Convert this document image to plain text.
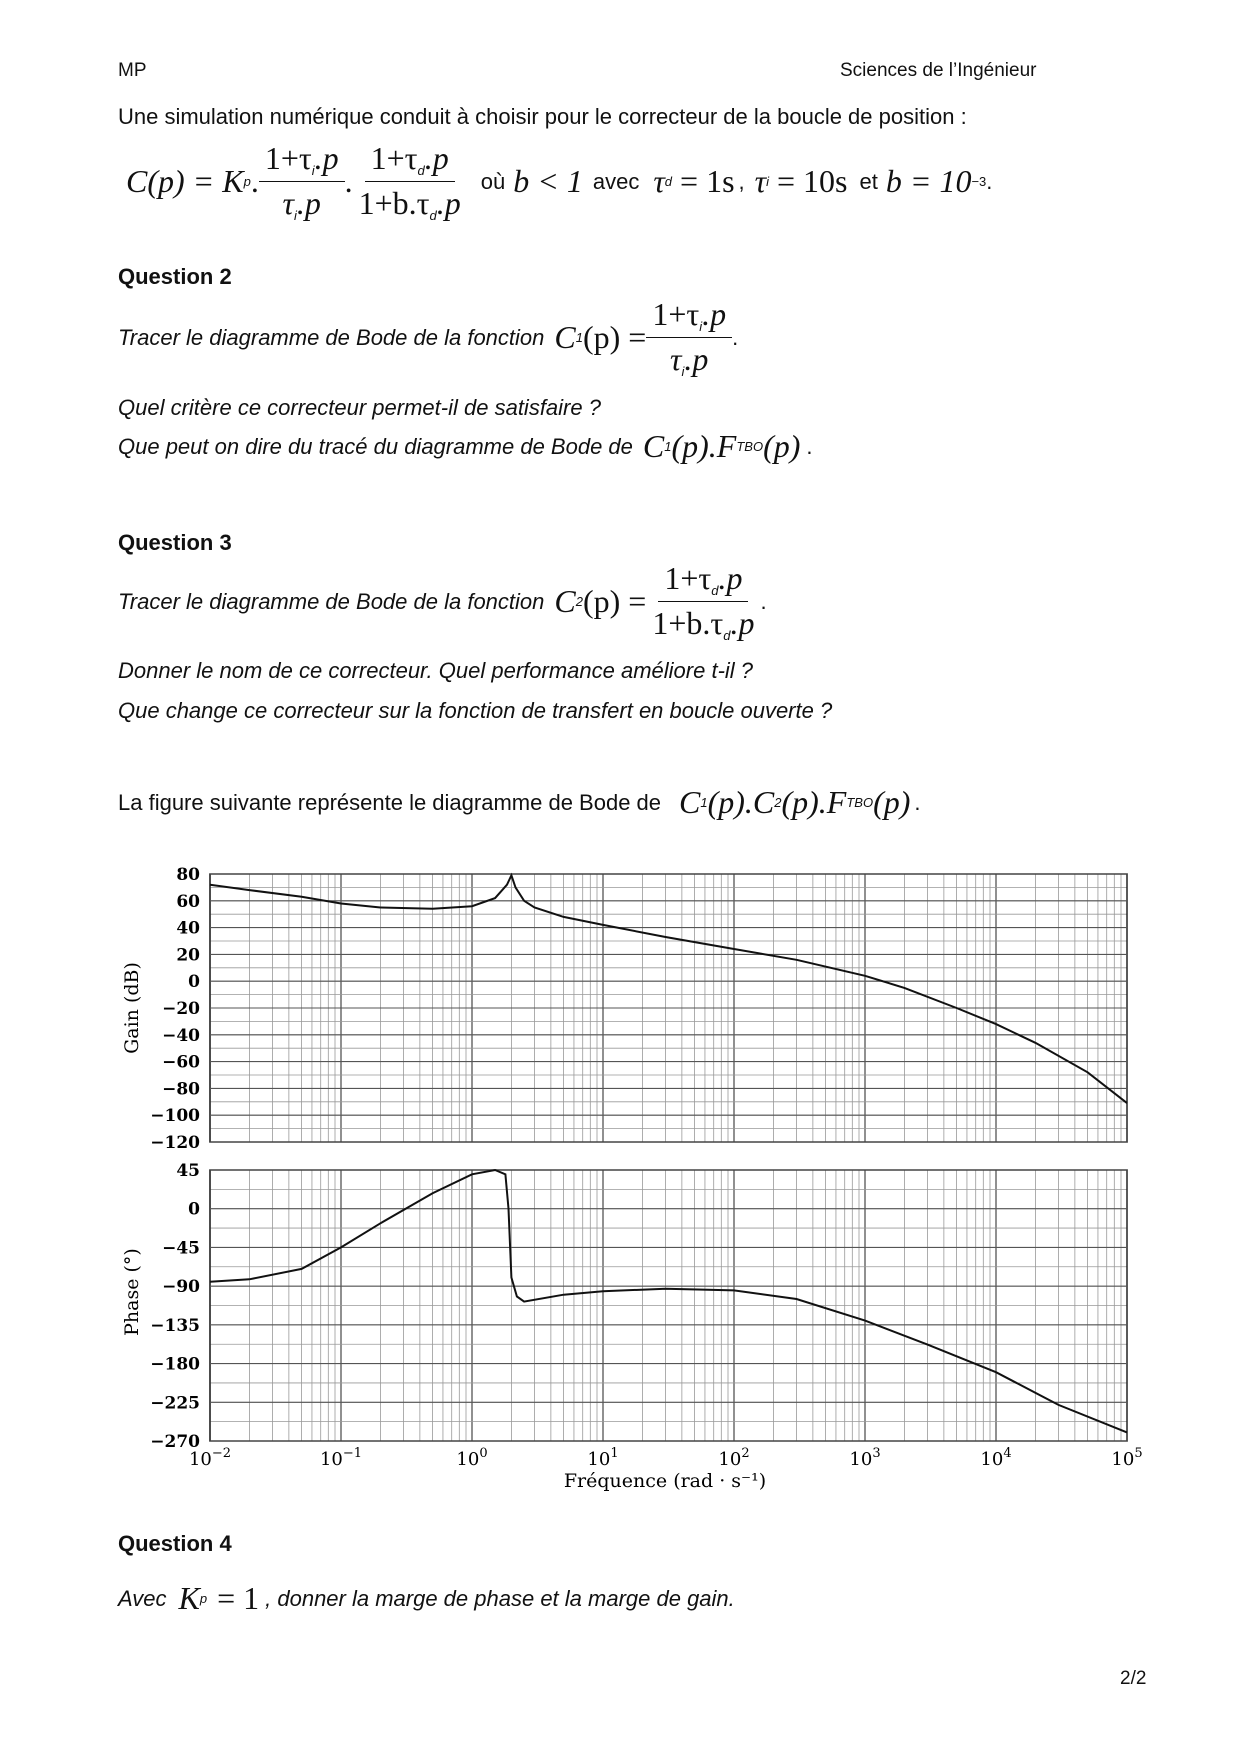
MP	Sciences de l’Ingénieur
Une simulation numérique conduit à choisir pour le correcteur de la boucle de position :
C(p) = K p . $\frac{1+\tau_i.p}{\tau_i.p}$ . $\frac{1+\tau_d.p}{1+b.\tau_d.p}$ où b < 1 avec τ d = 1s , τ i = 10s et b = 10 −3 .
Question 2
Tracer le diagramme de Bode de la fonction C 1 $(p) = \frac{1+\tau_i.p}{\tau_i.p}$ .
Quel critère ce correcteur permet-il de satisfaire ?
Que peut on dire du tracé du diagramme de Bode de C 1 (p).F TBO (p) .
Question 3
Tracer le diagramme de Bode de la fonction C 2 $(p) = \frac{1+\tau_d.p}{1+b.\tau_d.p}$ .
Donner le nom de ce correcteur. Quel performance améliore t-il ?
Que change ce correcteur sur la fonction de transfert en boucle ouverte ?
La figure suivante représente le diagramme de Bode de C 1 (p).C 2 (p).F TBO (p) .
80
60
40
20
0
−20
−40
−60
−80
−100
−120
45
0
−45
−90
−135
−180
−225
−270
$10^{-2}$	$10^{-1}$	$10^0$	$10^1$	$10^2$	$10^3$	$10^4$	$10^5$
Gain (dB)
Phase (°)
Fréquence (rad · s⁻¹)
Question 4
Avec K p = 1 , donner la marge de phase et la marge de gain.
2/2
